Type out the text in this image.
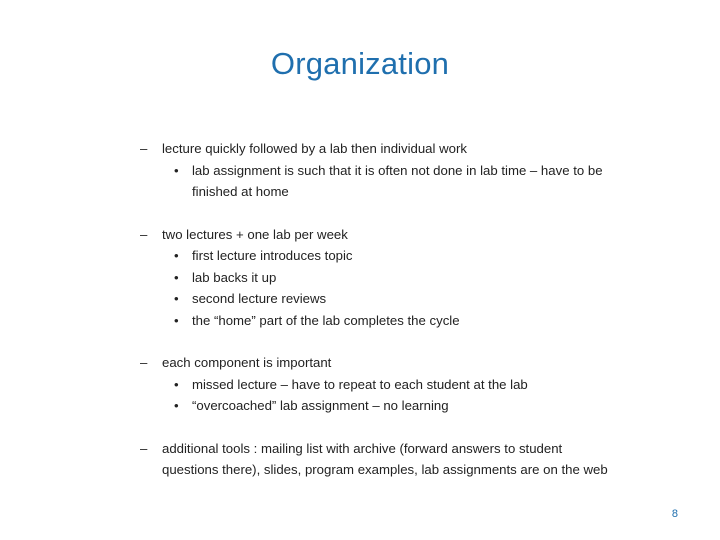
Organization
–	lecture quickly followed by a lab then individual work
• lab assignment is such that it is often not done in lab time – have to be finished at home
–	two lectures + one lab per week
• first lecture introduces topic
• lab backs it up
• second lecture reviews
• the “home” part of the lab completes the cycle
–	each component is important
• missed lecture – have to repeat to each student at the lab
• “overcoached” lab assignment – no learning
–	additional tools : mailing list with archive (forward answers to student questions there), slides, program examples, lab assignments are on the web
8
